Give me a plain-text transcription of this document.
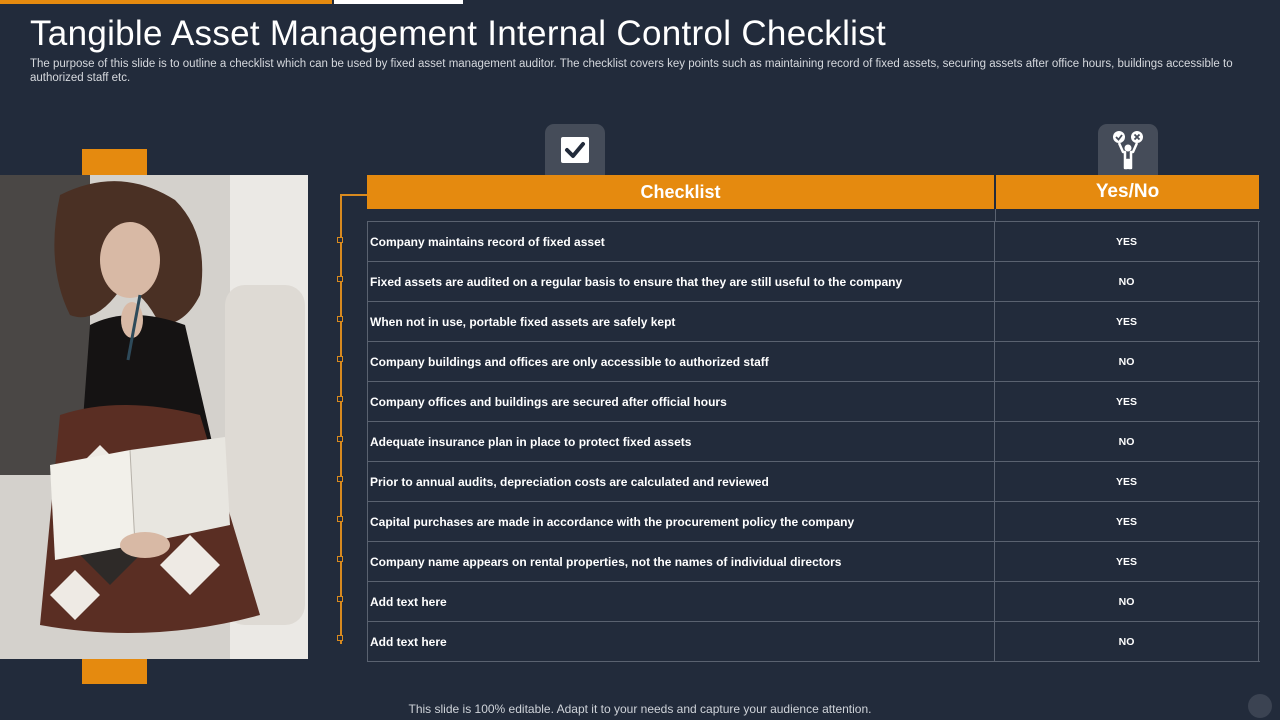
Tangible Asset Management Internal Control Checklist

The purpose of this slide is to outline a checklist which can be used by fixed asset management auditor. The checklist covers key points such as maintaining record of fixed assets, securing assets after office hours, buildings accessible to authorized staff etc.

Checklist	Yes/No
Company maintains record of fixed asset	YES
Fixed assets are audited on a regular basis to ensure that they are still useful to the company	NO
When not in use, portable fixed assets are safely kept	YES
Company buildings and offices are only accessible to authorized staff	NO
Company offices and buildings are secured after official hours	YES
Adequate insurance plan in place to protect fixed assets	NO
Prior to annual audits, depreciation costs are calculated and reviewed	YES
Capital purchases are made in accordance with the procurement policy the company	YES
Company name appears on rental properties, not the names of individual directors	YES
Add text here	NO
Add text here	NO
This slide is 100% editable. Adapt it to your needs and capture your audience attention.
